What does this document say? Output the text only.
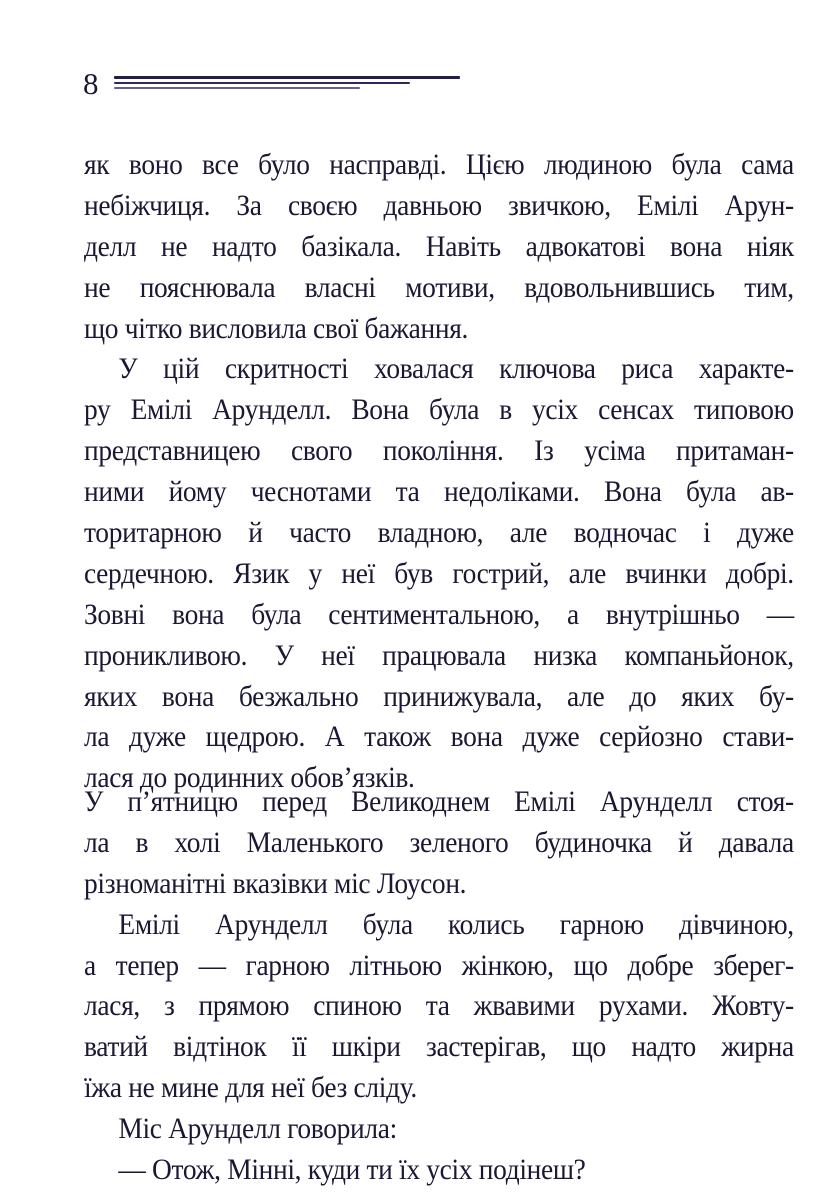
8
як воно все було насправді. Цією людиною була сама
небіжчиця. За своєю давньою звичкою, Емілі Арун-
делл не надто базікала. Навіть адвокатові вона ніяк
не пояснювала власні мотиви, вдовольнившись тим,
що чітко висловила свої бажання.
У цій скритності ховалася ключова риса характе-
ру Емілі Арунделл. Вона була в усіх сенсах типовою
представницею свого покоління. Із усіма притаман-
ними йому чеснотами та недоліками. Вона була ав-
торитарною й часто владною, але водночас і дуже
сердечною. Язик у неї був гострий, але вчинки добрі.
Зовні вона була сентиментальною, а внутрішньо —
проникливою. У неї працювала низка компаньйонок,
яких вона безжально принижувала, але до яких бу-
ла дуже щедрою. А також вона дуже серйозно стави-
лася до родинних обов’язків.
У п’ятницю перед Великоднем Емілі Арунделл стоя-
ла в холі Маленького зеленого будиночка й давала
різноманітні вказівки міс Лоусон.
Емілі Арунделл була колись гарною дівчиною,
а тепер — гарною літньою жінкою, що добре зберег-
лася, з прямою спиною та жвавими рухами. Жовту-
ватий відтінок її шкіри застерігав, що надто жирна
їжа не мине для неї без сліду.
Міс Арунделл говорила:
— Отож, Мінні, куди ти їх усіх подінеш?
